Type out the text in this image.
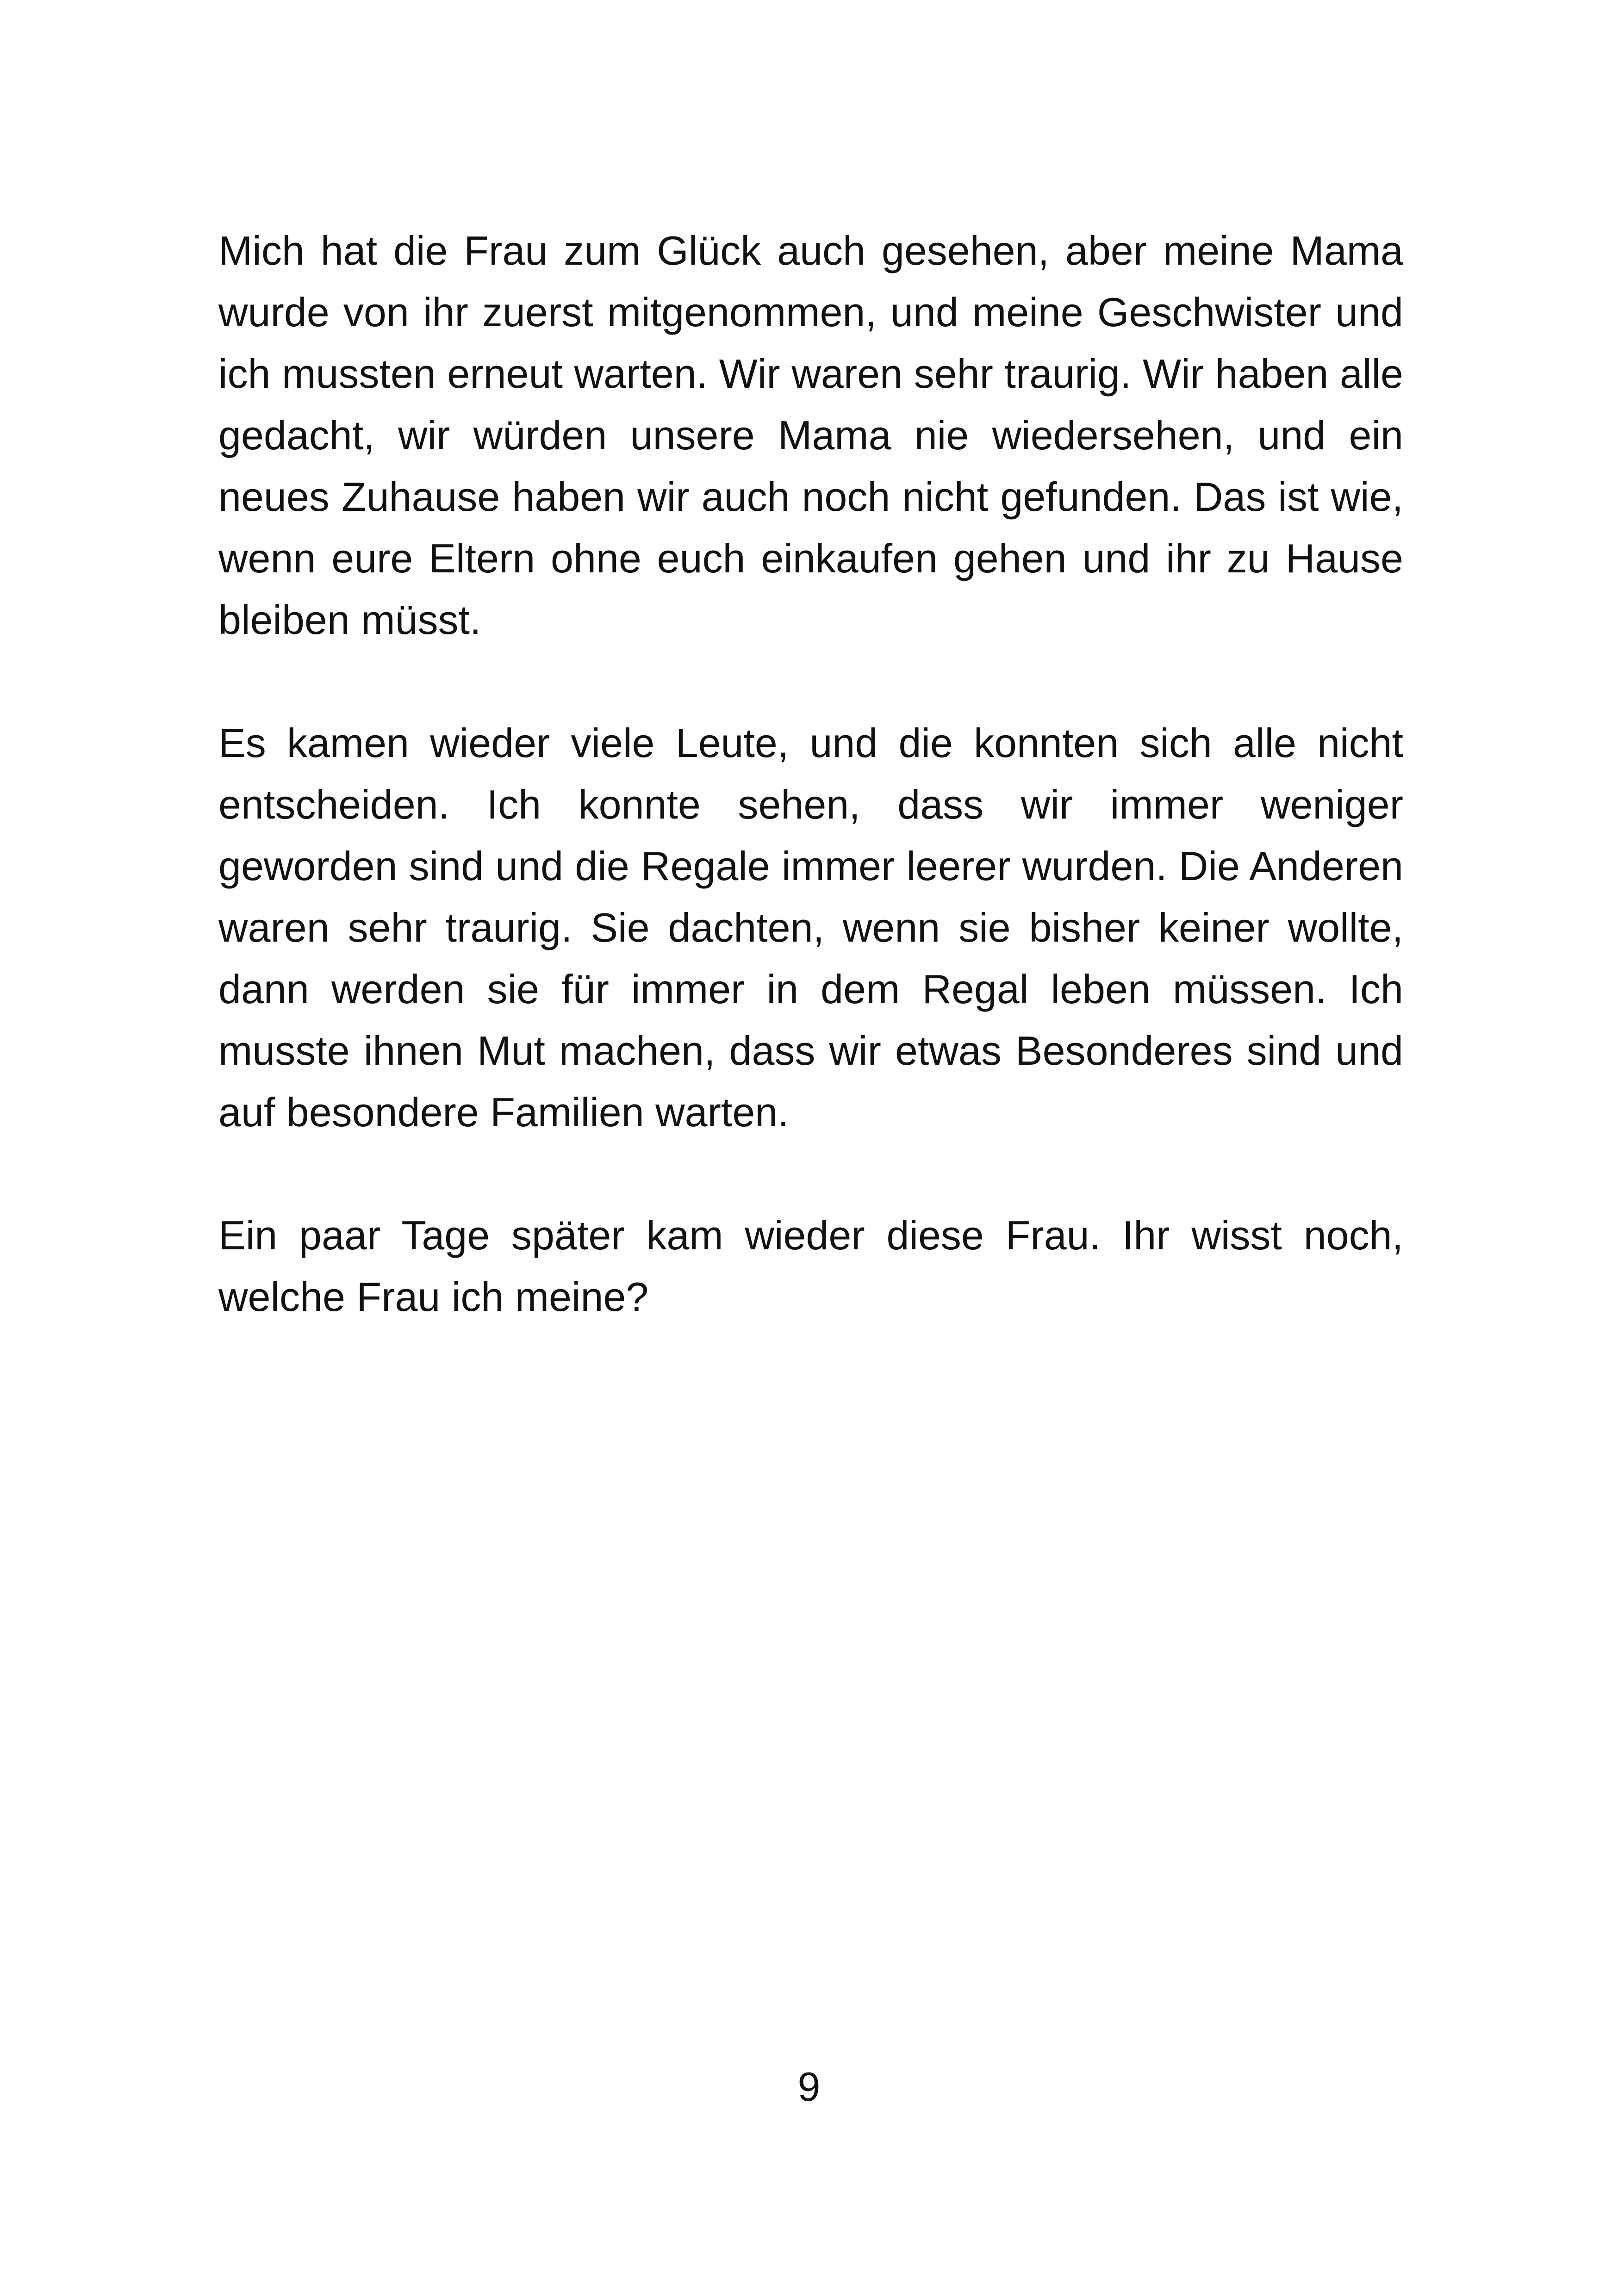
Mich hat die Frau zum Glück auch gesehen, aber meine Mama wurde von ihr zuerst mitgenommen, und meine Geschwister und ich mussten erneut warten. Wir waren sehr traurig. Wir haben alle gedacht, wir würden unsere Mama nie wiedersehen, und ein neues Zuhause haben wir auch noch nicht gefunden. Das ist wie, wenn eure Eltern ohne euch einkaufen gehen und ihr zu Hause bleiben müsst.

Es kamen wieder viele Leute, und die konnten sich alle nicht entscheiden. Ich konnte sehen, dass wir immer weniger geworden sind und die Regale immer leerer wurden. Die Anderen waren sehr traurig. Sie dachten, wenn sie bisher keiner wollte, dann werden sie für immer in dem Regal leben müssen. Ich musste ihnen Mut machen, dass wir etwas Besonderes sind und auf besondere Familien warten.

Ein paar Tage später kam wieder diese Frau. Ihr wisst noch, welche Frau ich meine?

9
